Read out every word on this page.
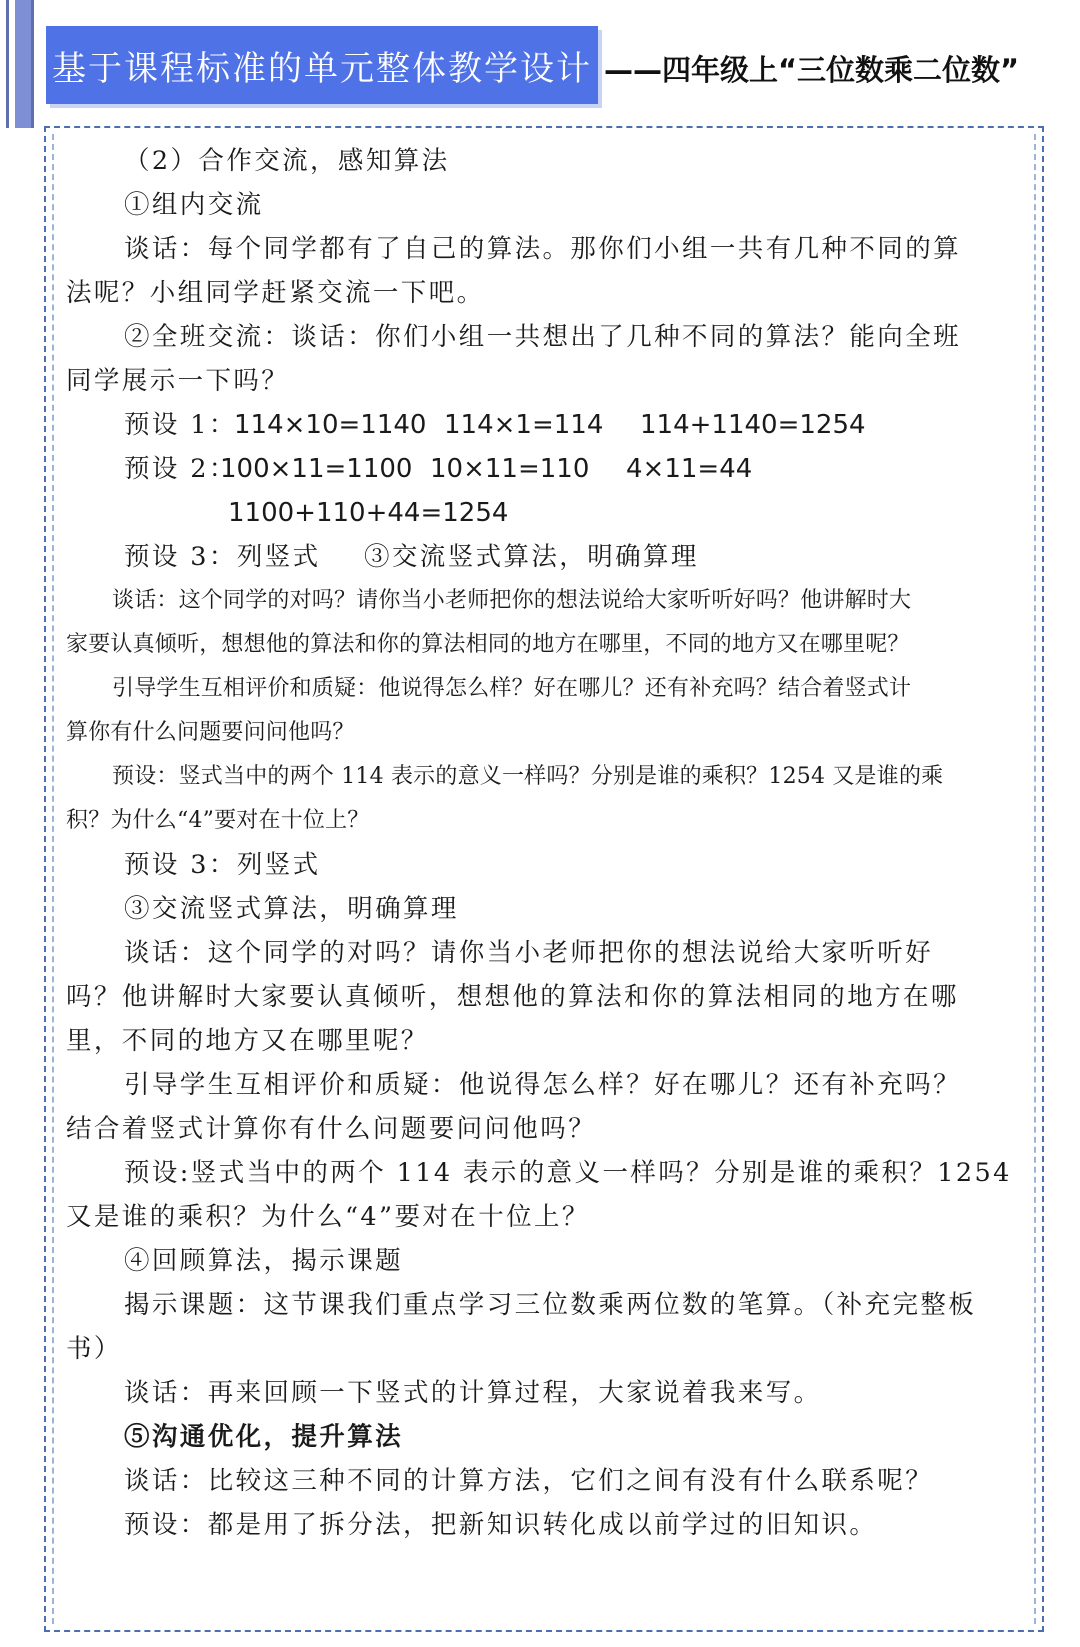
基于课程标准的单元整体教学设计 ——四年级上“三位数乘二位数”
（2）合作交流，感知算法
①组内交流
谈话：每个同学都有了自己的算法。那你们小组一共有几种不同的算
法呢？小组同学赶紧交流一下吧。
②全班交流：谈话：你们小组一共想出了几种不同的算法？能向全班
同学展示一下吗？
预设 1：
114×10=1140 114×1=114 114+1140=1254
预设 2：
100×11=1100 10×11=110 4×11=44
1100+110+44=1254
预设 3：列竖式 ③交流竖式算法，明确算理
谈话：这个同学的对吗？请你当小老师把你的想法说给大家听听好吗？他讲解时大
家要认真倾听，想想他的算法和你的算法相同的地方在哪里，不同的地方又在哪里呢？
引导学生互相评价和质疑：他说得怎么样？好在哪儿？还有补充吗？结合着竖式计
算你有什么问题要问问他吗？
预设：竖式当中的两个 114 表示的意义一样吗？分别是谁的乘积？1254 又是谁的乘
积？为什么“4”要对在十位上？
预设 3：列竖式
③交流竖式算法，明确算理
谈话：这个同学的对吗？请你当小老师把你的想法说给大家听听好
吗？他讲解时大家要认真倾听，想想他的算法和你的算法相同的地方在哪
里，不同的地方又在哪里呢？
引导学生互相评价和质疑：他说得怎么样？好在哪儿？还有补充吗？
结合着竖式计算你有什么问题要问问他吗？
预设:竖式当中的两个 114 表示的意义一样吗？分别是谁的乘积？1254
又是谁的乘积？为什么“4”要对在十位上？
④回顾算法，揭示课题
揭示课题：这节课我们重点学习三位数乘两位数的笔算。（补充完整板
书）
谈话：再来回顾一下竖式的计算过程，大家说着我来写。
⑤沟通优化，提升算法
谈话：比较这三种不同的计算方法，它们之间有没有什么联系呢？
预设：都是用了拆分法，把新知识转化成以前学过的旧知识。
